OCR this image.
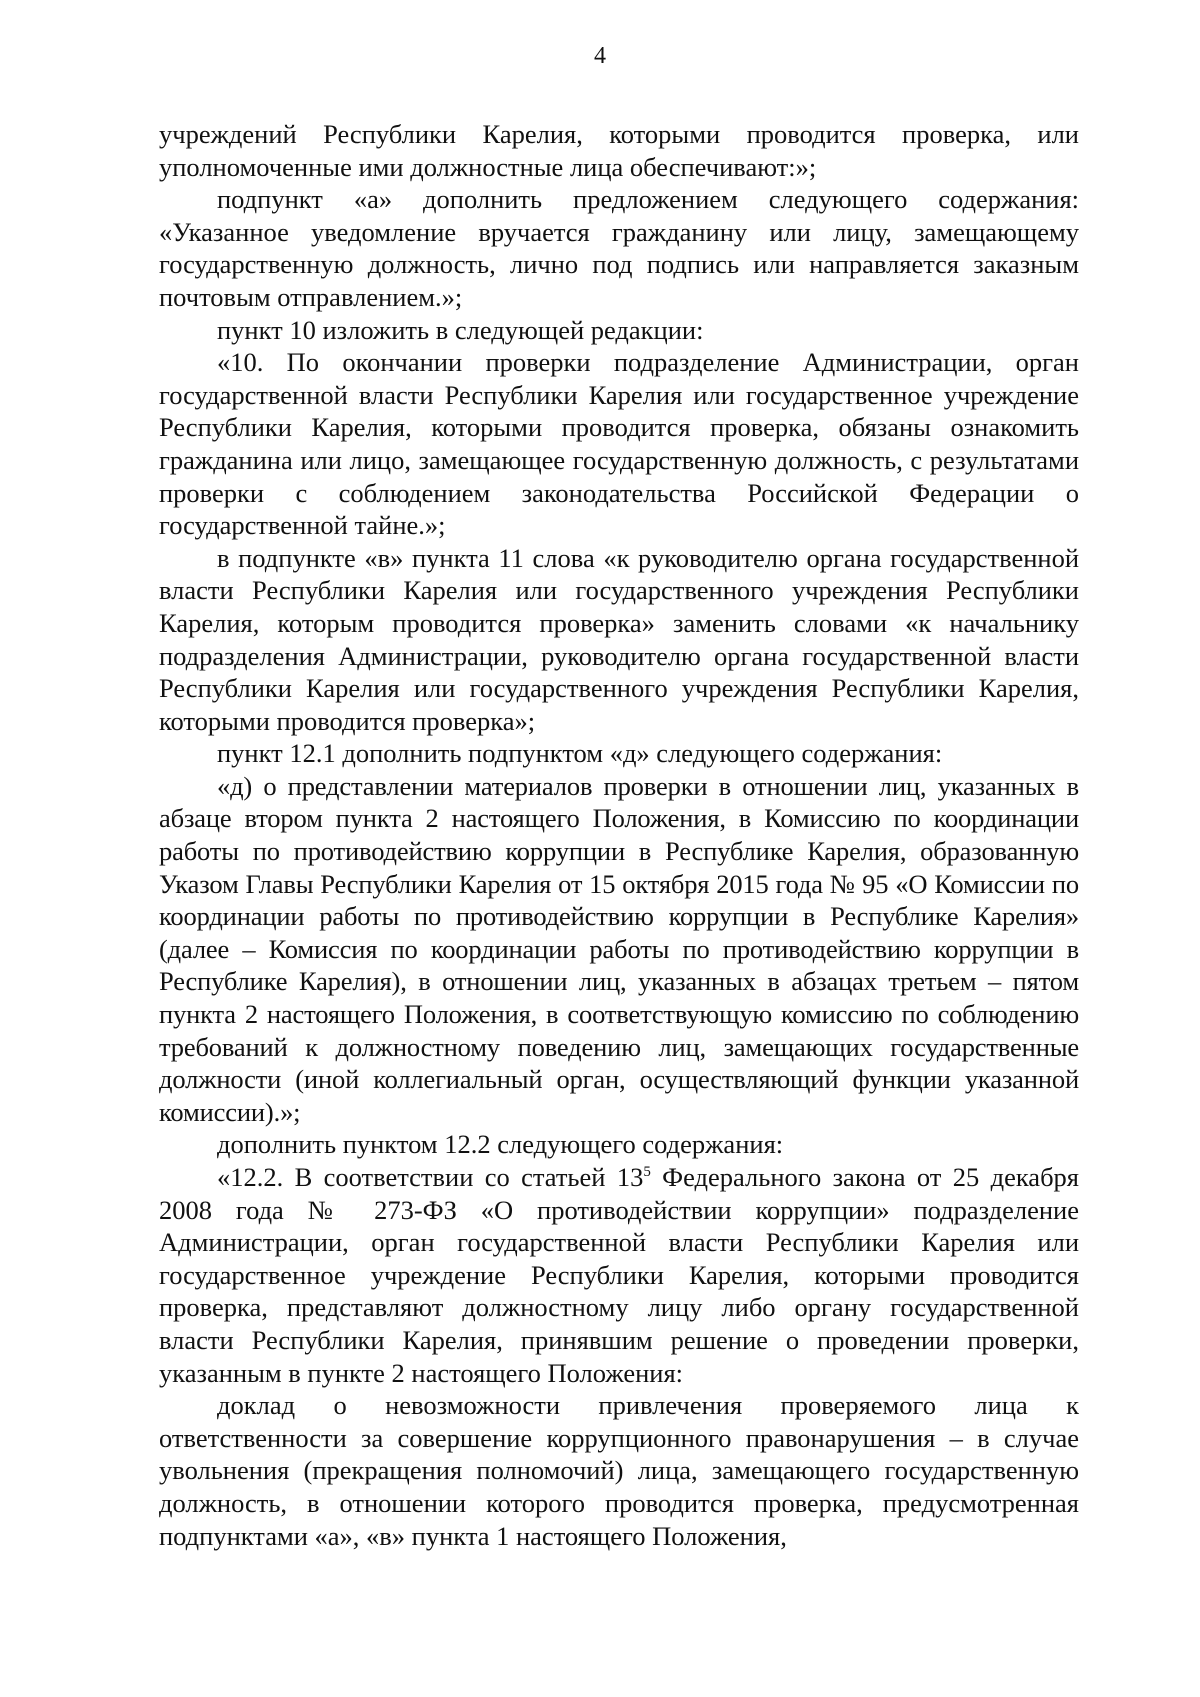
4

учреждений Республики Карелия, которыми проводится проверка, или уполномоченные ими должностные лица обеспечивают:»;

подпункт «а» дополнить предложением следующего содержания: «Указанное уведомление вручается гражданину или лицу, замещающему государственную должность, лично под подпись или направляется заказным почтовым отправлением.»;

пункт 10 изложить в следующей редакции:

«10. По окончании проверки подразделение Администрации, орган государственной власти Республики Карелия или государственное учреждение Республики Карелия, которыми проводится проверка, обязаны ознакомить гражданина или лицо, замещающее государственную должность, с результатами проверки с соблюдением законодательства Российской Федерации о государственной тайне.»;

в подпункте «в» пункта 11 слова «к руководителю органа государственной власти Республики Карелия или государственного учреждения Республики Карелия, которым проводится проверка» заменить словами «к начальнику подразделения Администрации, руководителю органа государственной власти Республики Карелия или государственного учреждения Республики Карелия, которыми проводится проверка»;

пункт 12.1 дополнить подпунктом «д» следующего содержания:

«д) о представлении материалов проверки в отношении лиц, указанных в абзаце втором пункта 2 настоящего Положения, в Комиссию по координации работы по противодействию коррупции в Республике Карелия, образованную Указом Главы Республики Карелия от 15 октября 2015 года № 95 «О Комиссии по координации работы по противодействию коррупции в Республике Карелия» (далее – Комиссия по координации работы по противодействию коррупции в Республике Карелия), в отношении лиц, указанных в абзацах третьем – пятом пункта 2 настоящего Положения, в соответствующую комиссию по соблюдению требований к должностному поведению лиц, замещающих государственные должности (иной коллегиальный орган, осуществляющий функции указанной комиссии).»;

дополнить пунктом 12.2 следующего содержания:

«12.2. В соответствии со статьей $13^5$ Федерального закона от 25 декабря 2008 года № 273-ФЗ «О противодействии коррупции» подразделение Администрации, орган государственной власти Республики Карелия или государственное учреждение Республики Карелия, которыми проводится проверка, представляют должностному лицу либо органу государственной власти Республики Карелия, принявшим решение о проведении проверки, указанным в пункте 2 настоящего Положения:

доклад о невозможности привлечения проверяемого лица к ответственности за совершение коррупционного правонарушения – в случае увольнения (прекращения полномочий) лица, замещающего государственную должность, в отношении которого проводится проверка, предусмотренная подпунктами «а», «в» пункта 1 настоящего Положения,
